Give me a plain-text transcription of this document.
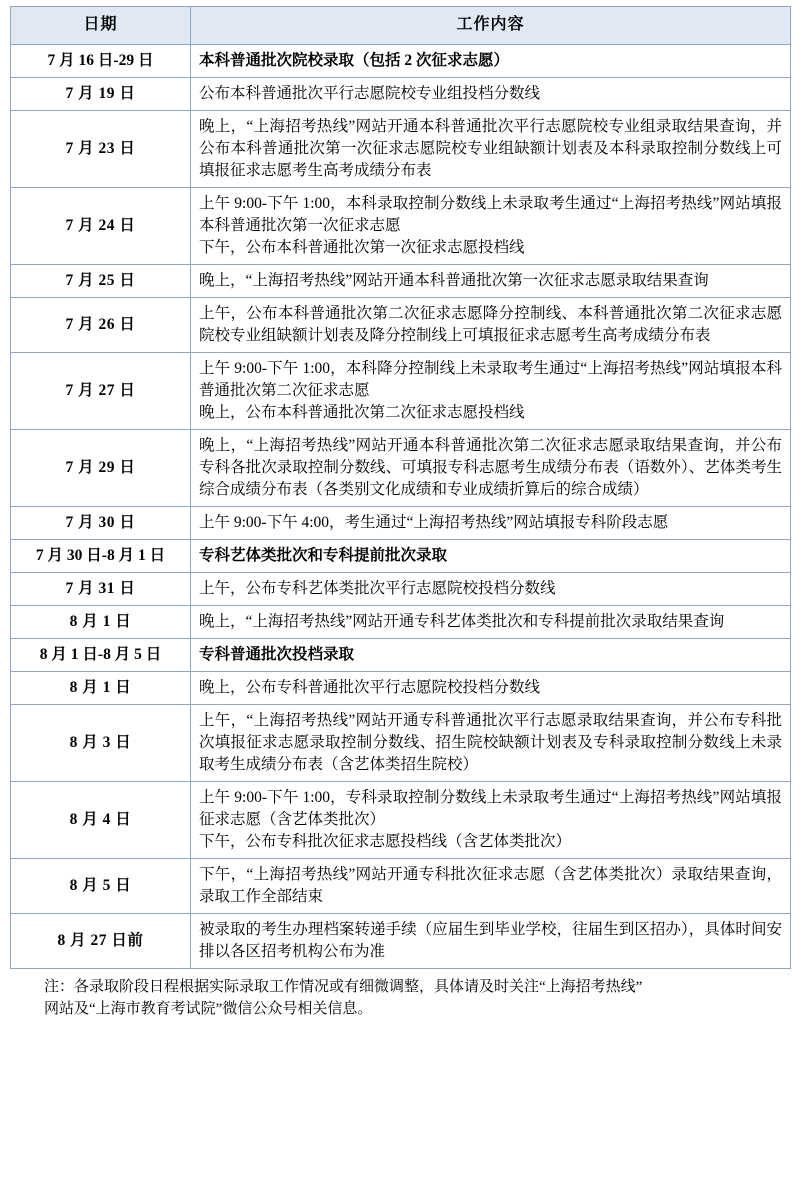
日期	工作内容
7 月 16 日-29 日	本科普通批次院校录取（包括 2 次征求志愿）

7 月 19 日	公布本科普通批次平行志愿院校专业组投档分数线

7 月 23 日	晚上，“上海招考热线”网站开通本科普通批次平行志愿院校专业组录取结果查询，并公布本科普通批次第一次征求志愿院校专业组缺额计划表及本科录取控制分数线上可填报征求志愿考生高考成绩分布表

7 月 24 日	上午 9:00-下午 1:00，本科录取控制分数线上未录取考生通过“上海招考热线”网站填报本科普通批次第一次征求志愿
下午，公布本科普通批次第一次征求志愿投档线

7 月 25 日	晚上，“上海招考热线”网站开通本科普通批次第一次征求志愿录取结果查询

7 月 26 日	上午，公布本科普通批次第二次征求志愿降分控制线、本科普通批次第二次征求志愿院校专业组缺额计划表及降分控制线上可填报征求志愿考生高考成绩分布表

7 月 27 日	上午 9:00-下午 1:00，本科降分控制线上未录取考生通过“上海招考热线”网站填报本科普通批次第二次征求志愿
晚上，公布本科普通批次第二次征求志愿投档线

7 月 29 日	晚上，“上海招考热线”网站开通本科普通批次第二次征求志愿录取结果查询，并公布专科各批次录取控制分数线、可填报专科志愿考生成绩分布表（语数外）、艺体类考生综合成绩分布表（各类别文化成绩和专业成绩折算后的综合成绩）

7 月 30 日	上午 9:00-下午 4:00，考生通过“上海招考热线”网站填报专科阶段志愿

7 月 30 日-8 月 1 日	专科艺体类批次和专科提前批次录取

7 月 31 日	上午，公布专科艺体类批次平行志愿院校投档分数线

8 月 1 日	晚上，“上海招考热线”网站开通专科艺体类批次和专科提前批次录取结果查询

8 月 1 日-8 月 5 日	专科普通批次投档录取

8 月 1 日	晚上，公布专科普通批次平行志愿院校投档分数线

8 月 3 日	上午，“上海招考热线”网站开通专科普通批次平行志愿录取结果查询，并公布专科批次填报征求志愿录取控制分数线、招生院校缺额计划表及专科录取控制分数线上未录取考生成绩分布表（含艺体类招生院校）

8 月 4 日	上午 9:00-下午 1:00，专科录取控制分数线上未录取考生通过“上海招考热线”网站填报征求志愿（含艺体类批次）
下午，公布专科批次征求志愿投档线（含艺体类批次）

8 月 5 日	下午，“上海招考热线”网站开通专科批次征求志愿（含艺体类批次）录取结果查询，录取工作全部结束

8 月 27 日前	被录取的考生办理档案转递手续（应届生到毕业学校，往届生到区招办），具体时间安排以各区招考机构公布为准
注：各录取阶段日程根据实际录取工作情况或有细微调整，具体请及时关注“上海招考热线”
网站及“上海市教育考试院”微信公众号相关信息。
